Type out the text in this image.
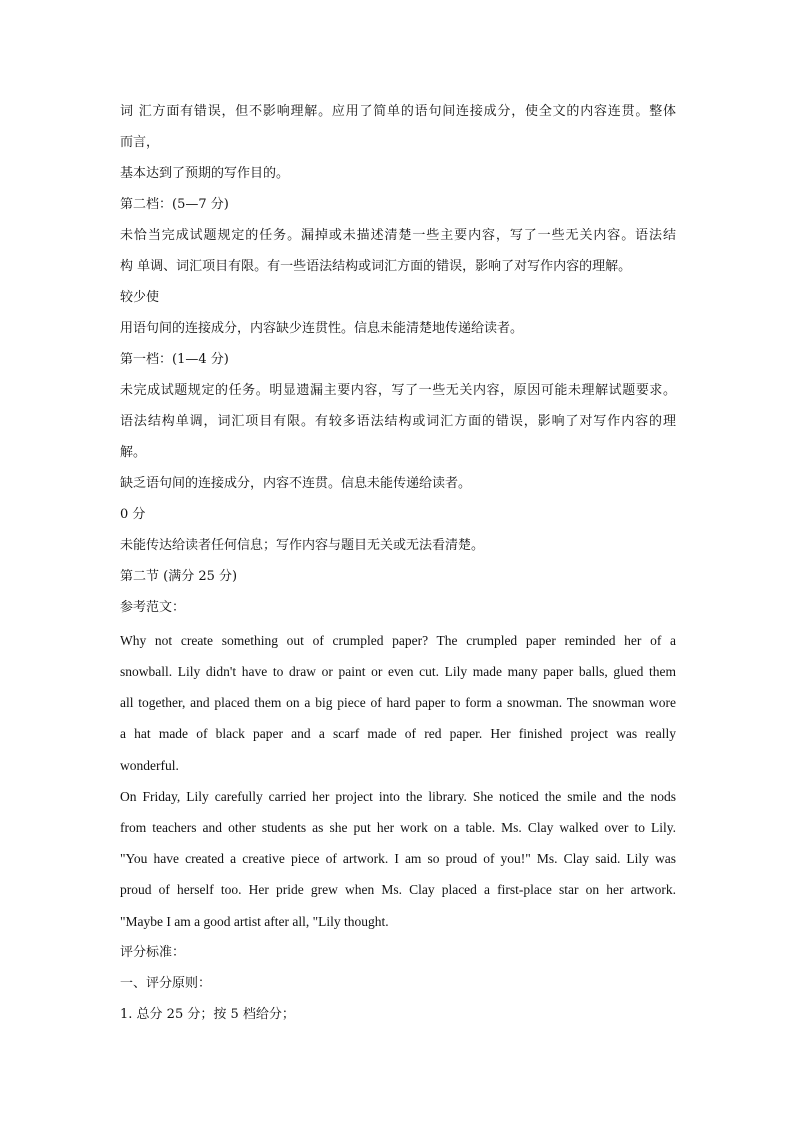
词 汇方面有错误，但不影响理解。应用了简单的语句间连接成分，使全文的内容连贯。整体
而言，
基本达到了预期的写作目的。
第二档：(5—7 分)
未恰当完成试题规定的任务。漏掉或未描述清楚一些主要内容，写了一些无关内容。语法结
构 单调、词汇项目有限。有一些语法结构或词汇方面的错误，影响了对写作内容的理解。
较少使
用语句间的连接成分，内容缺少连贯性。信息未能清楚地传递给读者。
第一档：(1—4 分)
未完成试题规定的任务。明显遗漏主要内容，写了一些无关内容，原因可能未理解试题要求。
语法结构单调，词汇项目有限。有较多语法结构或词汇方面的错误，影响了对写作内容的理
解。
缺乏语句间的连接成分，内容不连贯。信息未能传递给读者。
0 分
未能传达给读者任何信息；写作内容与题目无关或无法看清楚。
第二节 (满分 25 分)
参考范文：
Why not create something out of crumpled paper? The crumpled paper reminded her of a
snowball. Lily didn't have to draw or paint or even cut. Lily made many paper balls, glued them
all together, and placed them on a big piece of hard paper to form a snowman. The snowman wore
a hat made of black paper and a scarf made of red paper. Her finished project was really
wonderful.
On Friday, Lily carefully carried her project into the library. She noticed the smile and the nods
from teachers and other students as she put her work on a table. Ms. Clay walked over to Lily.
"You have created a creative piece of artwork. I am so proud of you!" Ms. Clay said. Lily was
proud of herself too. Her pride grew when Ms. Clay placed a first-place star on her artwork.
"Maybe I am a good artist after all, "Lily thought.
评分标准：
一、评分原则：
1. 总分 25 分；按 5 档给分；
